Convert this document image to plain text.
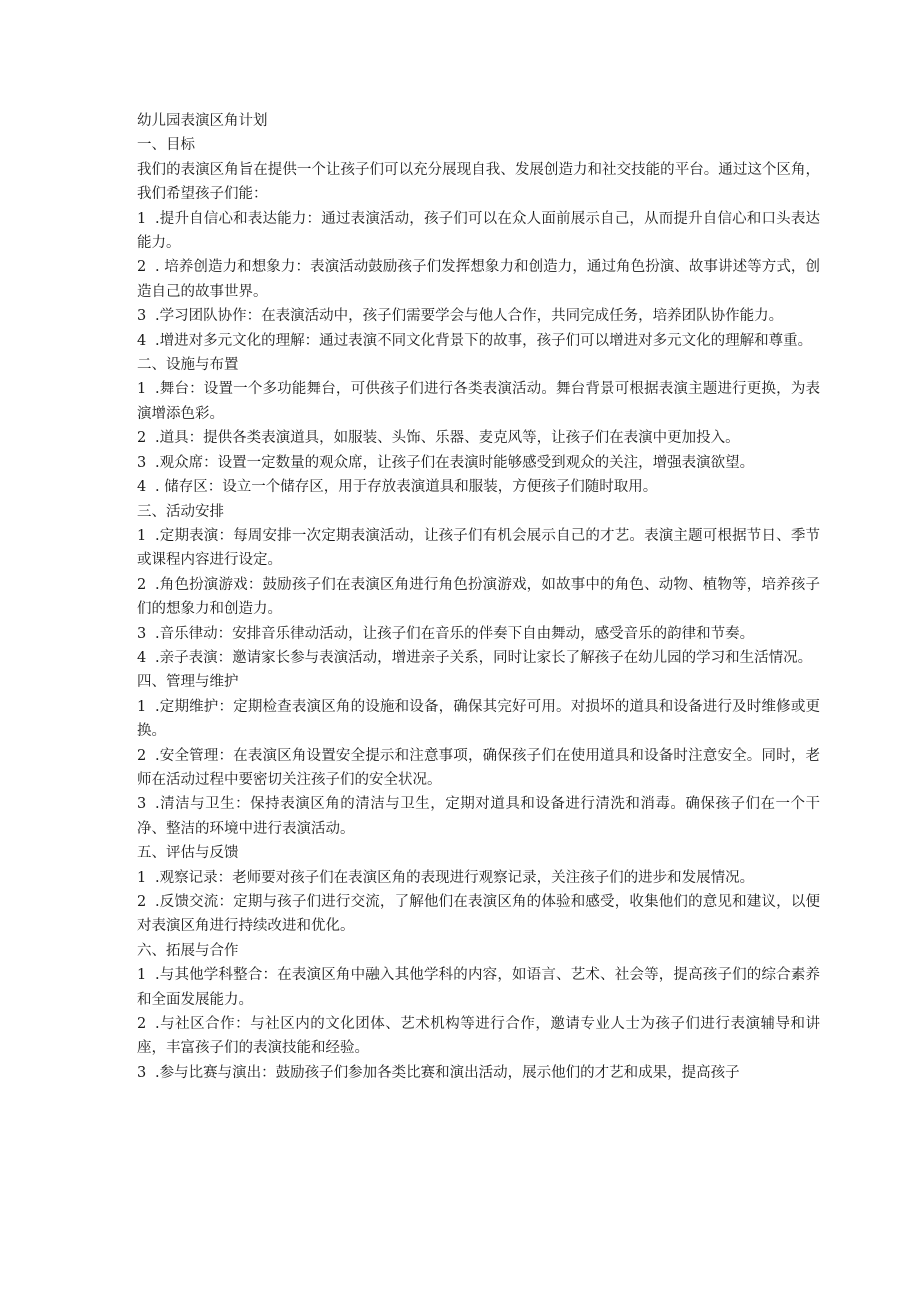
幼儿园表演区角计划

一、目标

我们的表演区角旨在提供一个让孩子们可以充分展现自我、发展创造力和社交技能的平台。通过这个区角，我们希望孩子们能：

1 .提升自信心和表达能力：通过表演活动，孩子们可以在众人面前展示自己，从而提升自信心和口头表达能力。

2 . 培养创造力和想象力：表演活动鼓励孩子们发挥想象力和创造力，通过角色扮演、故事讲述等方式，创造自己的故事世界。

3 .学习团队协作：在表演活动中，孩子们需要学会与他人合作，共同完成任务，培养团队协作能力。

4 .增进对多元文化的理解：通过表演不同文化背景下的故事，孩子们可以增进对多元文化的理解和尊重。

二、设施与布置

1 .舞台：设置一个多功能舞台，可供孩子们进行各类表演活动。舞台背景可根据表演主题进行更换，为表演增添色彩。

2 .道具：提供各类表演道具，如服装、头饰、乐器、麦克风等，让孩子们在表演中更加投入。

3 .观众席：设置一定数量的观众席，让孩子们在表演时能够感受到观众的关注，增强表演欲望。

4 . 储存区：设立一个储存区，用于存放表演道具和服装，方便孩子们随时取用。

三、活动安排

1 .定期表演：每周安排一次定期表演活动，让孩子们有机会展示自己的才艺。表演主题可根据节日、季节或课程内容进行设定。

2 .角色扮演游戏：鼓励孩子们在表演区角进行角色扮演游戏，如故事中的角色、动物、植物等，培养孩子们的想象力和创造力。

3 .音乐律动：安排音乐律动活动，让孩子们在音乐的伴奏下自由舞动，感受音乐的韵律和节奏。

4 .亲子表演：邀请家长参与表演活动，增进亲子关系，同时让家长了解孩子在幼儿园的学习和生活情况。

四、管理与维护

1 .定期维护：定期检查表演区角的设施和设备，确保其完好可用。对损坏的道具和设备进行及时维修或更换。

2 .安全管理：在表演区角设置安全提示和注意事项，确保孩子们在使用道具和设备时注意安全。同时，老师在活动过程中要密切关注孩子们的安全状况。

3 .清洁与卫生：保持表演区角的清洁与卫生，定期对道具和设备进行清洗和消毒。确保孩子们在一个干净、整洁的环境中进行表演活动。

五、评估与反馈

1 .观察记录：老师要对孩子们在表演区角的表现进行观察记录，关注孩子们的进步和发展情况。

2 .反馈交流：定期与孩子们进行交流，了解他们在表演区角的体验和感受，收集他们的意见和建议，以便对表演区角进行持续改进和优化。

六、拓展与合作

1 .与其他学科整合：在表演区角中融入其他学科的内容，如语言、艺术、社会等，提高孩子们的综合素养和全面发展能力。

2 .与社区合作：与社区内的文化团体、艺术机构等进行合作，邀请专业人士为孩子们进行表演辅导和讲座，丰富孩子们的表演技能和经验。

3 .参与比赛与演出：鼓励孩子们参加各类比赛和演出活动，展示他们的才艺和成果，提高孩子
